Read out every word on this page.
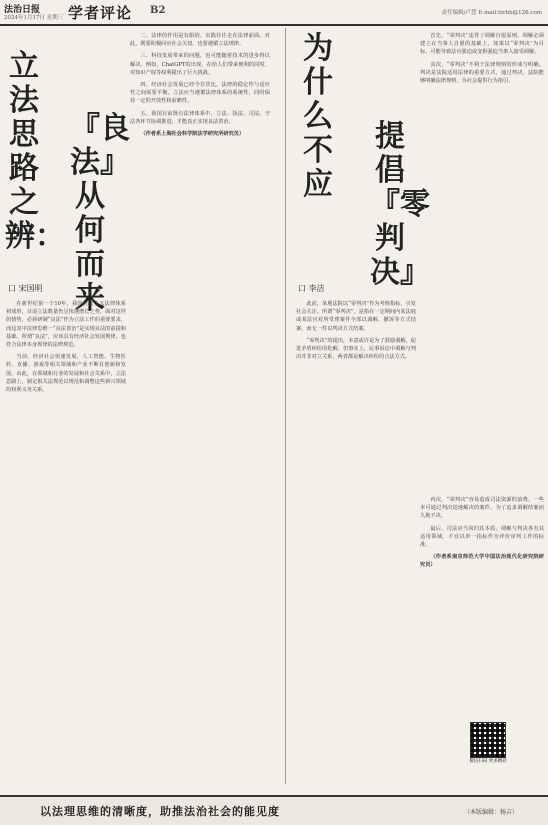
法治日报
2024年1月17日 星期三 学者评论 B2	责任编辑/卢慧 E-mail:fzrbb@126.com
立法思路之辨：
『良法』从何而来
口 宋国明

在新世纪第一个10年，我国社会主义法律体系初成形，目前立法数量仍呈快速增长之势。面对这样的情势，必须研制“良法”作为立法工作的重要要求，而这其中法律思维一“良法善治”是实现良法的前提和基础。所谓“良法”，应该具有经济社会发展规律，也符合法律本身规律的法律规范。

当前，经济社会快速发展，人工智能、生物医药、直播、游戏等相关领域和产业不断有创新和发展，由此，在领域和行业的发展和社会关系中，立法思路上，制定相关法规范以规范和调整这些新兴领域的权利义务关系。

二、法律的作用是有限的。实践往往走在法律前面。对此，既要积极回应社会关切，也要遵循立法规律。

三、科技发展带来的问题，也可能随着技术的进步得以解决。例如，ChatGPT的出现，在给人们带来便利的同时，对知识产权等权利提出了巨大挑战。

四、经济社会发展已经今非昔比，法律的稳定性与适应性之间需要平衡。立法应当遵循法律体系的系统性，同时保持一定的开放性和前瞻性。

五、我国目前既有法律体系中，立法、执法、司法、守法各环节协调推进，才能真正实现良法善治。

（作者系上海社会科学院法学研究所研究员）

为什么不应
提倡『零判决』
口 李洁

此前，某地法院以“零判决”作为考核指标，引发社会关注。所谓“零判决”，是指在一定期间内某法庭或某法官对所受理案件全部以调解、撤诉等方式结案，而无一件以判决方式结案。

“零判决”的提出，本意或许是为了鼓励调解，促进矛盾纠纷的化解。但事实上，民事诉讼中调解与判决并非对立关系，两者都是解决纠纷的合法方式。

首先，“零判决”违背了调解自愿原则。调解必须建立在当事人自愿的基础上，如果以“零判决”为目标，可能导致法官强迫或变相强迫当事人接受调解。

其次，“零判决”不利于法律规则的形成与明确。判决是法院适用法律的重要方式，通过判决，法院能够明确法律规则，为社会提供行为指引。

再次，“零判决”容易造成司法资源的浪费。一些本可通过判决迅速解决的案件，为了追求调解结案而久拖不决。

最后，司法应当回归其本质，调解与判决各有其适用领域，不宜以单一指标作为评价审判工作的标准。

（作者系南京师范大学中国法治现代化研究院研究员）

微信扫码 更多精彩
以法理思维的清晰度，助推法治社会的能见度	（本版编辑：杨吉）
